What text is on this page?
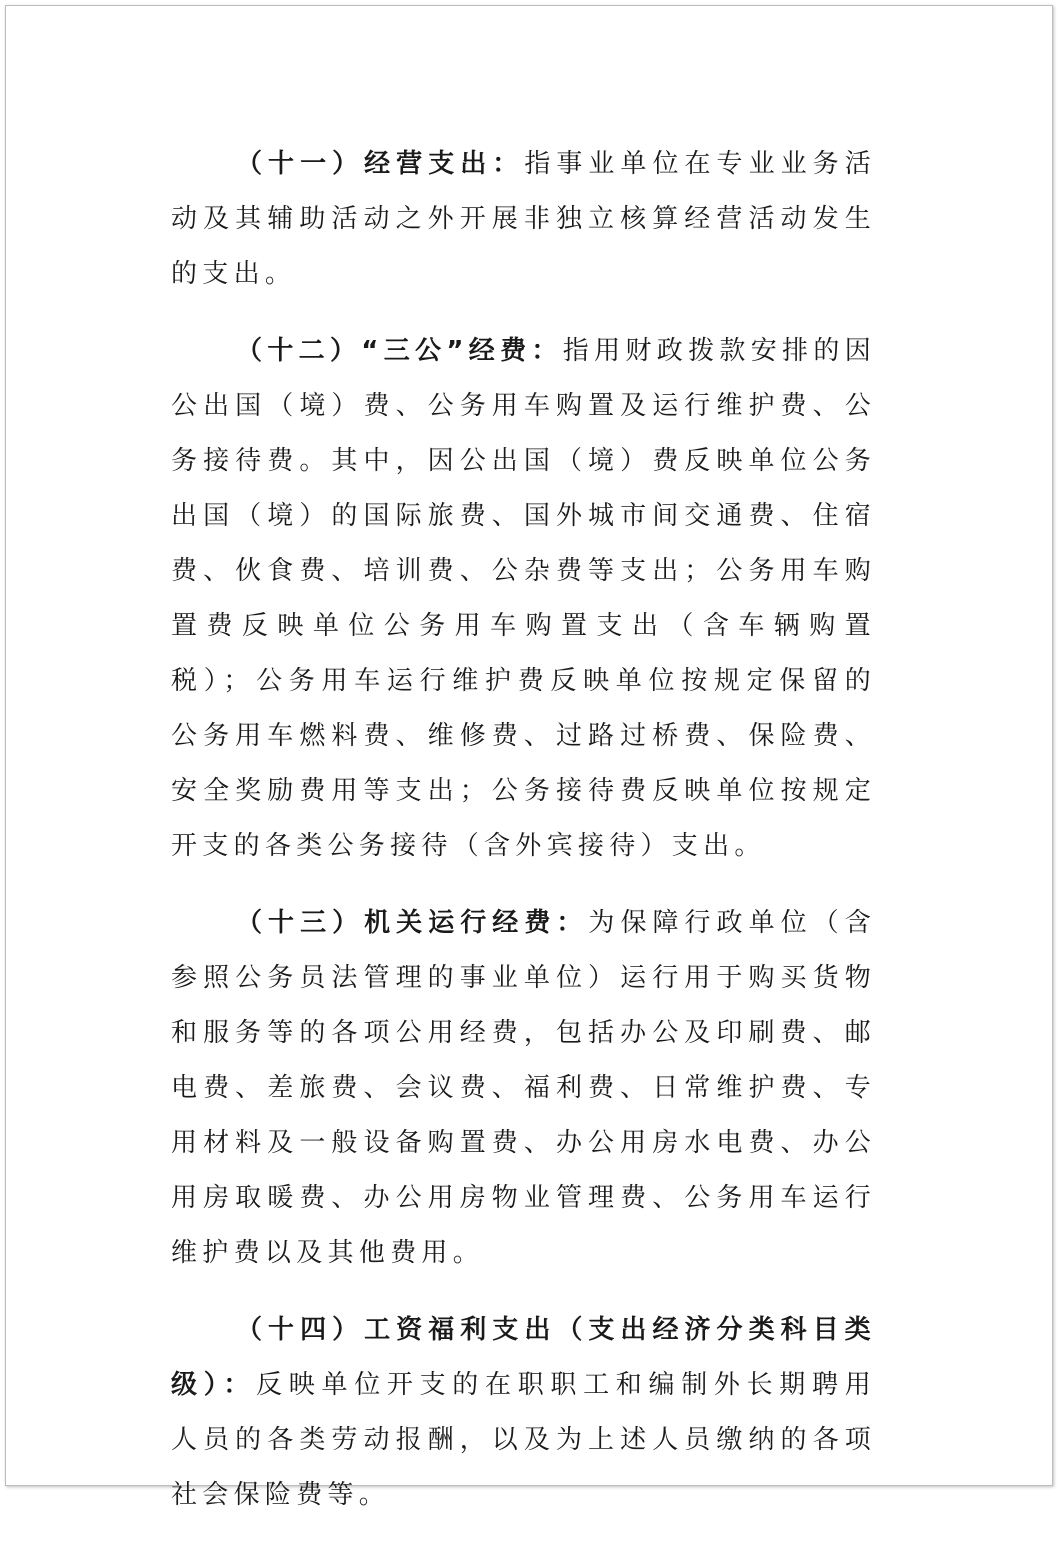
（十一）经营支出：指事业单位在专业业务活动及其辅助活动之外开展非独立核算经营活动发生的支出。

（十二）“三公”经费：指用财政拨款安排的因公出国（境）费、公务用车购置及运行维护费、公务接待费。其中，因公出国（境）费反映单位公务出国（境）的国际旅费、国外城市间交通费、住宿费、伙食费、培训费、公杂费等支出；公务用车购置费反映单位公务用车购置支出（含车辆购置税）；公务用车运行维护费反映单位按规定保留的公务用车燃料费、维修费、过路过桥费、保险费、安全奖励费用等支出；公务接待费反映单位按规定开支的各类公务接待（含外宾接待）支出。

（十三）机关运行经费：为保障行政单位（含参照公务员法管理的事业单位）运行用于购买货物和服务等的各项公用经费，包括办公及印刷费、邮电费、差旅费、会议费、福利费、日常维护费、专用材料及一般设备购置费、办公用房水电费、办公用房取暖费、办公用房物业管理费、公务用车运行维护费以及其他费用。

（十四）工资福利支出（支出经济分类科目类级）：反映单位开支的在职职工和编制外长期聘用人员的各类劳动报酬，以及为上述人员缴纳的各项社会保险费等。
